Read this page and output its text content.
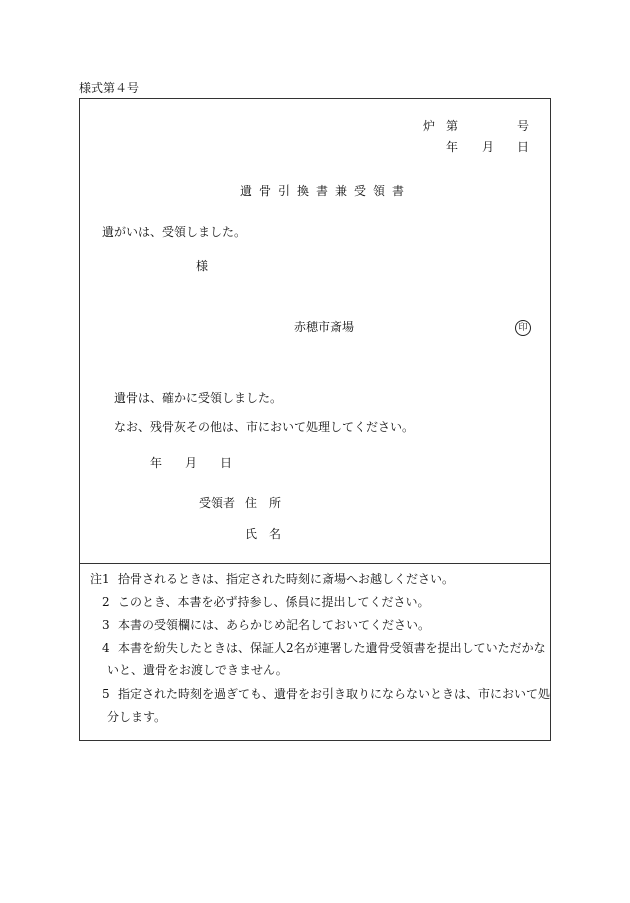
様式第４号
炉 第	号
年 月 日
遺骨引換書兼受領書
遺がいは、受領しました。
様
赤穂市斎場	印
遺骨は、確かに受領しました。
なお、残骨灰その他は、市において処理してください。
年 月 日
受領者 住　所
氏　名
注1 拾骨されるときは、指定された時刻に斎場へお越しください。
2 このとき、本書を必ず持参し、係員に提出してください。
3 本書の受領欄には、あらかじめ記名しておいてください。
4 本書を紛失したときは、保証人2名が連署した遺骨受領書を提出していただかな
いと、遺骨をお渡しできません。
5 指定された時刻を過ぎても、遺骨をお引き取りにならないときは、市において処
分します。
